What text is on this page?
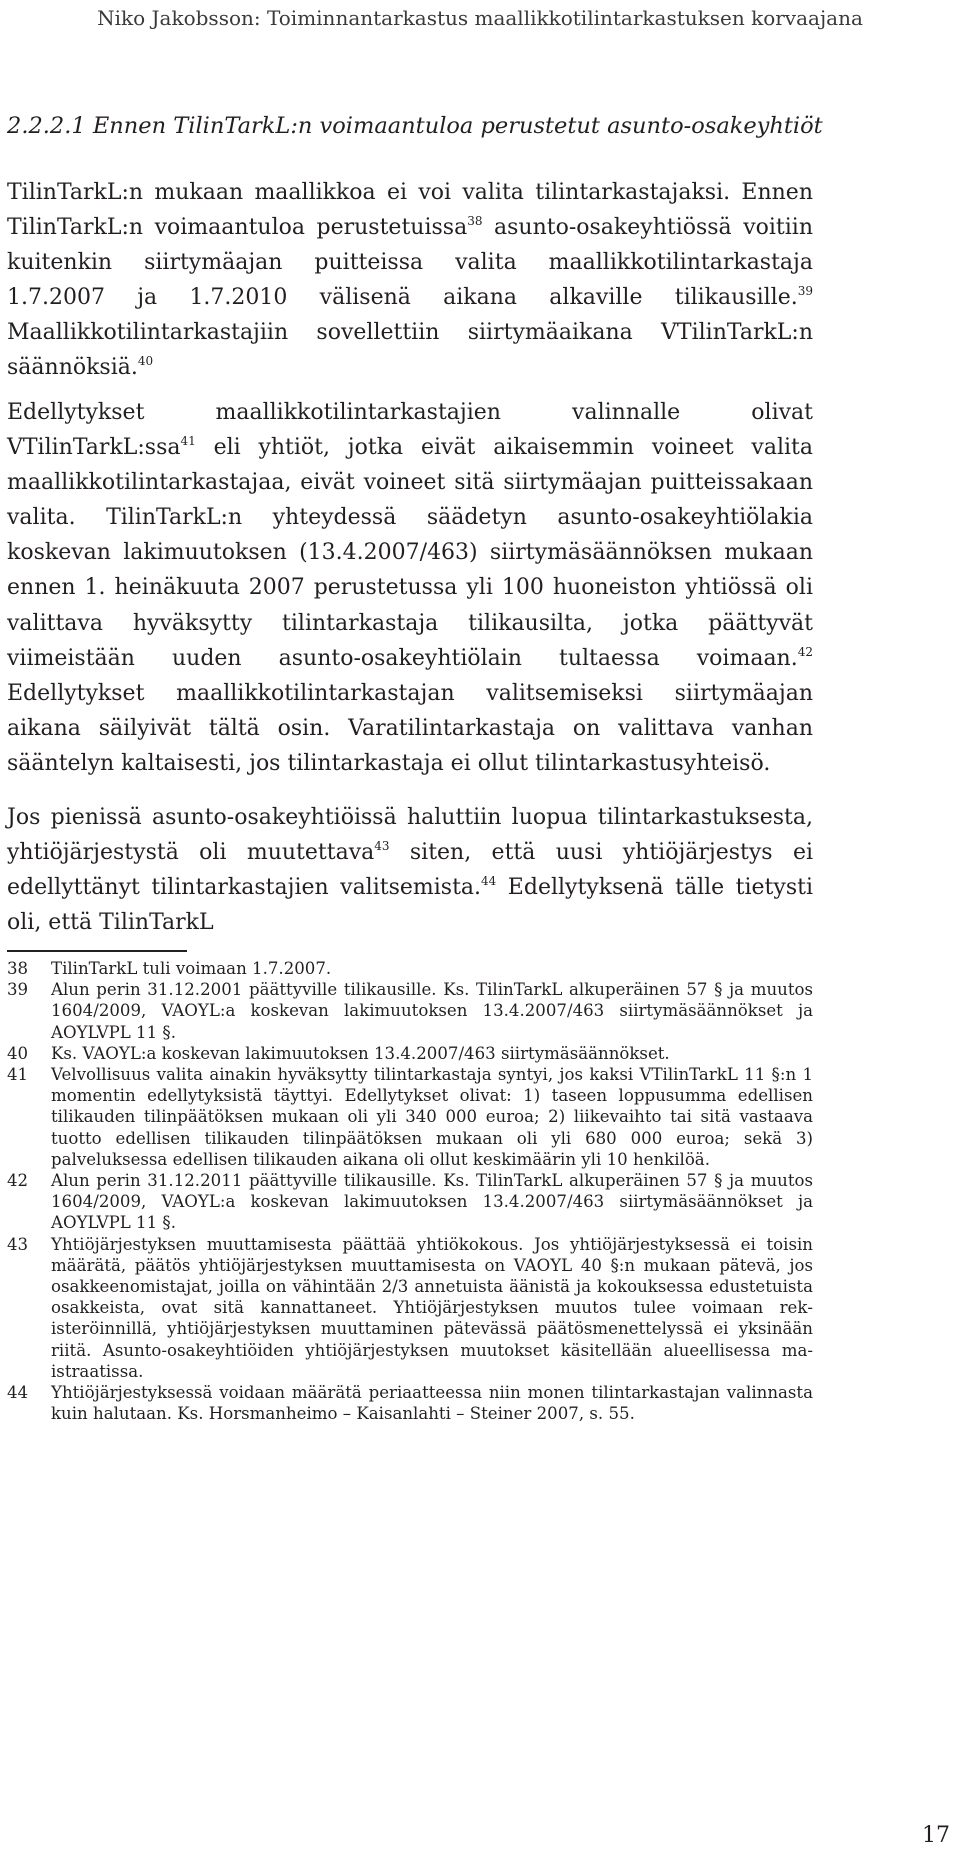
Niko Jakobsson: Toiminnantarkastus maallikkotilintarkastuksen korvaajana
2.2.2.1 Ennen TilinTarkL:n voimaantuloa perustetut asunto-osakeyhtiöt

TilinTarkL:n mukaan maallikkoa ei voi valita tilintarkastajaksi. Ennen TilinTarkL:n voimaantuloa perustetuissa$^{38}$ asunto-osakeyhtiössä voitiin kuitenkin siirtymäajan puitteissa valita maallikkotilintarkastaja 1.7.2007 ja 1.7.2010 välisenä aikana alkaville tilikausille.$^{39}$ Maallikkotilintarkastajiin sovellettiin siirtymäaikana VTilinTarkL:n säännöksiä.$^{40}$

Edellytykset maallikkotilintarkastajien valinnalle olivat VTilinTarkL:ssa$^{41}$ eli yhtiöt, jotka eivät aikaisemmin voineet valita maallikkotilintarkastajaa, eivät voineet sitä siirtymäajan puitteissakaan valita. TilinTarkL:n yhteydessä säädetyn asunto-osakeyhtiölakia koskevan lakimuutoksen (13.4.2007/463) siirtymäsäännöksen mukaan ennen 1. heinäkuuta 2007 perustetussa yli 100 huoneiston yhtiössä oli valittava hyväksytty tilintarkastaja tilikausilta, jotka päättyvät viimeistään uuden asunto-osakeyhtiölain tultaessa voimaan.$^{42}$ Edellytykset maallikkotilintarkastajan valitsemiseksi siirtymäajan aikana säilyivät tältä osin. Varatilintarkastaja on valittava vanhan sääntelyn kaltaisesti, jos tilintarkastaja ei ollut tilintarkastusyhteisö.

Jos pienissä asunto-osakeyhtiöissä haluttiin luopua tilintarkastuksesta, yhtiöjärjestystä oli muutettava$^{43}$ siten, että uusi yhtiöjärjestys ei edellyttänyt tilintarkastajien valitsemista.$^{44}$ Edellytyksenä tälle tietysti oli, että TilinTarkL

38	TilinTarkL tuli voimaan 1.7.2007.
39	Alun perin 31.12.2001 päättyville tilikausille. Ks. TilinTarkL alkuperäinen 57 § ja muutos 1604/2009, VAOYL:a koskevan lakimuutoksen 13.4.2007/463 siirtymäsäännökset ja AOYLVPL 11 §.
40	Ks. VAOYL:a koskevan lakimuutoksen 13.4.2007/463 siirtymäsäännökset.
41	Velvollisuus valita ainakin hyväksytty tilintarkastaja syntyi, jos kaksi VTilinTarkL 11 §:n 1 momentin edellytyksistä täyttyi. Edellytykset olivat: 1) taseen loppusumma edellisen tilikauden tilinpäätöksen mukaan oli yli 340 000 euroa; 2) liikevaihto tai sitä vastaava tuotto edellisen tilikauden tilinpäätöksen mukaan oli yli 680 000 euroa; sekä 3) palveluksessa edellisen tilikauden aikana oli ollut keskimäärin yli 10 henkilöä.
42	Alun perin 31.12.2011 päättyville tilikausille. Ks. TilinTarkL alkuperäinen 57 § ja muutos 1604/2009, VAOYL:a koskevan lakimuutoksen 13.4.2007/463 siirtymäsäännökset ja AOYLVPL 11 §.
43	Yhtiöjärjestyksen muuttamisesta päättää yhtiökokous. Jos yhtiöjärjestyksessä ei toisin määrätä, päätös yhtiöjärjestyksen muuttamisesta on VAOYL 40 §:n mukaan pätevä, jos osakkeenomistajat, joilla on vähintään 2/3 annetuista äänistä ja kokouksessa edustetuista osakkeista, ovat sitä kannattaneet. Yhtiöjärjestyksen muutos tulee voimaan rekisteröinnillä, yhtiöjärjestyksen muuttaminen pätevässä päätösmenettelyssä ei yksinään riitä. Asunto-osakeyhtiöiden yhtiöjärjestyksen muutokset käsitellään alueellisessa maistraatissa.
44	Yhtiöjärjestyksessä voidaan määrätä periaatteessa niin monen tilintarkastajan valinnasta kuin halutaan. Ks. Horsmanheimo – Kaisanlahti – Steiner 2007, s. 55.
17
